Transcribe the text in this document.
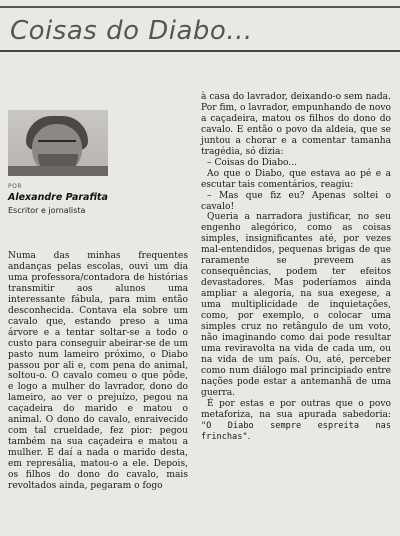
Coisas do Diabo...
POR
Alexandre Parafita
Escritor e jornalista
Numa das minhas frequentes andanças pelas escolas, ouvi um dia uma professora/contadora de histórias transmitir aos alunos uma interessante fábula, para mim então desconhecida. Contava ela sobre um cavalo que, estando preso a uma árvore e a tentar soltar-se a todo o custo para conseguir abeirar-se de um pasto num lameiro próximo, o Diabo passou por ali e, com pena do animal, soltou-o. O cavalo comeu o que pôde, e logo a mulher do lavrador, dono do lameiro, ao ver o prejuízo, pegou na caçadeira do marido e matou o animal. O dono do cavalo, enraivecido com tal crueldade, fez pior: pegou também na sua caçadeira e matou a mulher. E daí a nada o marido desta, em represália, matou-o a ele. Depois, os filhos do dono do cavalo, mais revoltados ainda, pegaram o fogo

à casa do lavrador, deixando-o sem nada. Por fim, o lavrador, empunhando de novo a caçadeira, matou os filhos do dono do cavalo. E então o povo da aldeia, que se juntou a chorar e a comentar tamanha tragédia, só dizia:

– Coisas do Diabo...

Ao que o Diabo, que estava ao pé e a escutar tais comentários, reagiu:

– Mas que fiz eu? Apenas soltei o cavalo!

Queria a narradora justificar, no seu engenho alegórico, como as coisas simples, insignificantes até, por vezes mal-entendidos, pequenas brigas de que raramente se preveem as consequências, podem ter efeitos devastadores. Mas poderíamos ainda ampliar a alegoria, na sua exegese, a uma multiplicidade de inquietações, como, por exemplo, o colocar uma simples cruz no retângulo de um voto, não imaginando como dai pode resultar uma reviravolta na vida de cada um, ou na vida de um país. Ou, até, perceber como num diálogo mal principiado entre nações pode estar a antemanhã de uma guerra.

É por estas e por outras que o povo metaforiza, na sua apurada sabedoria: "O Diabo sempre espreita nas frinchas".
